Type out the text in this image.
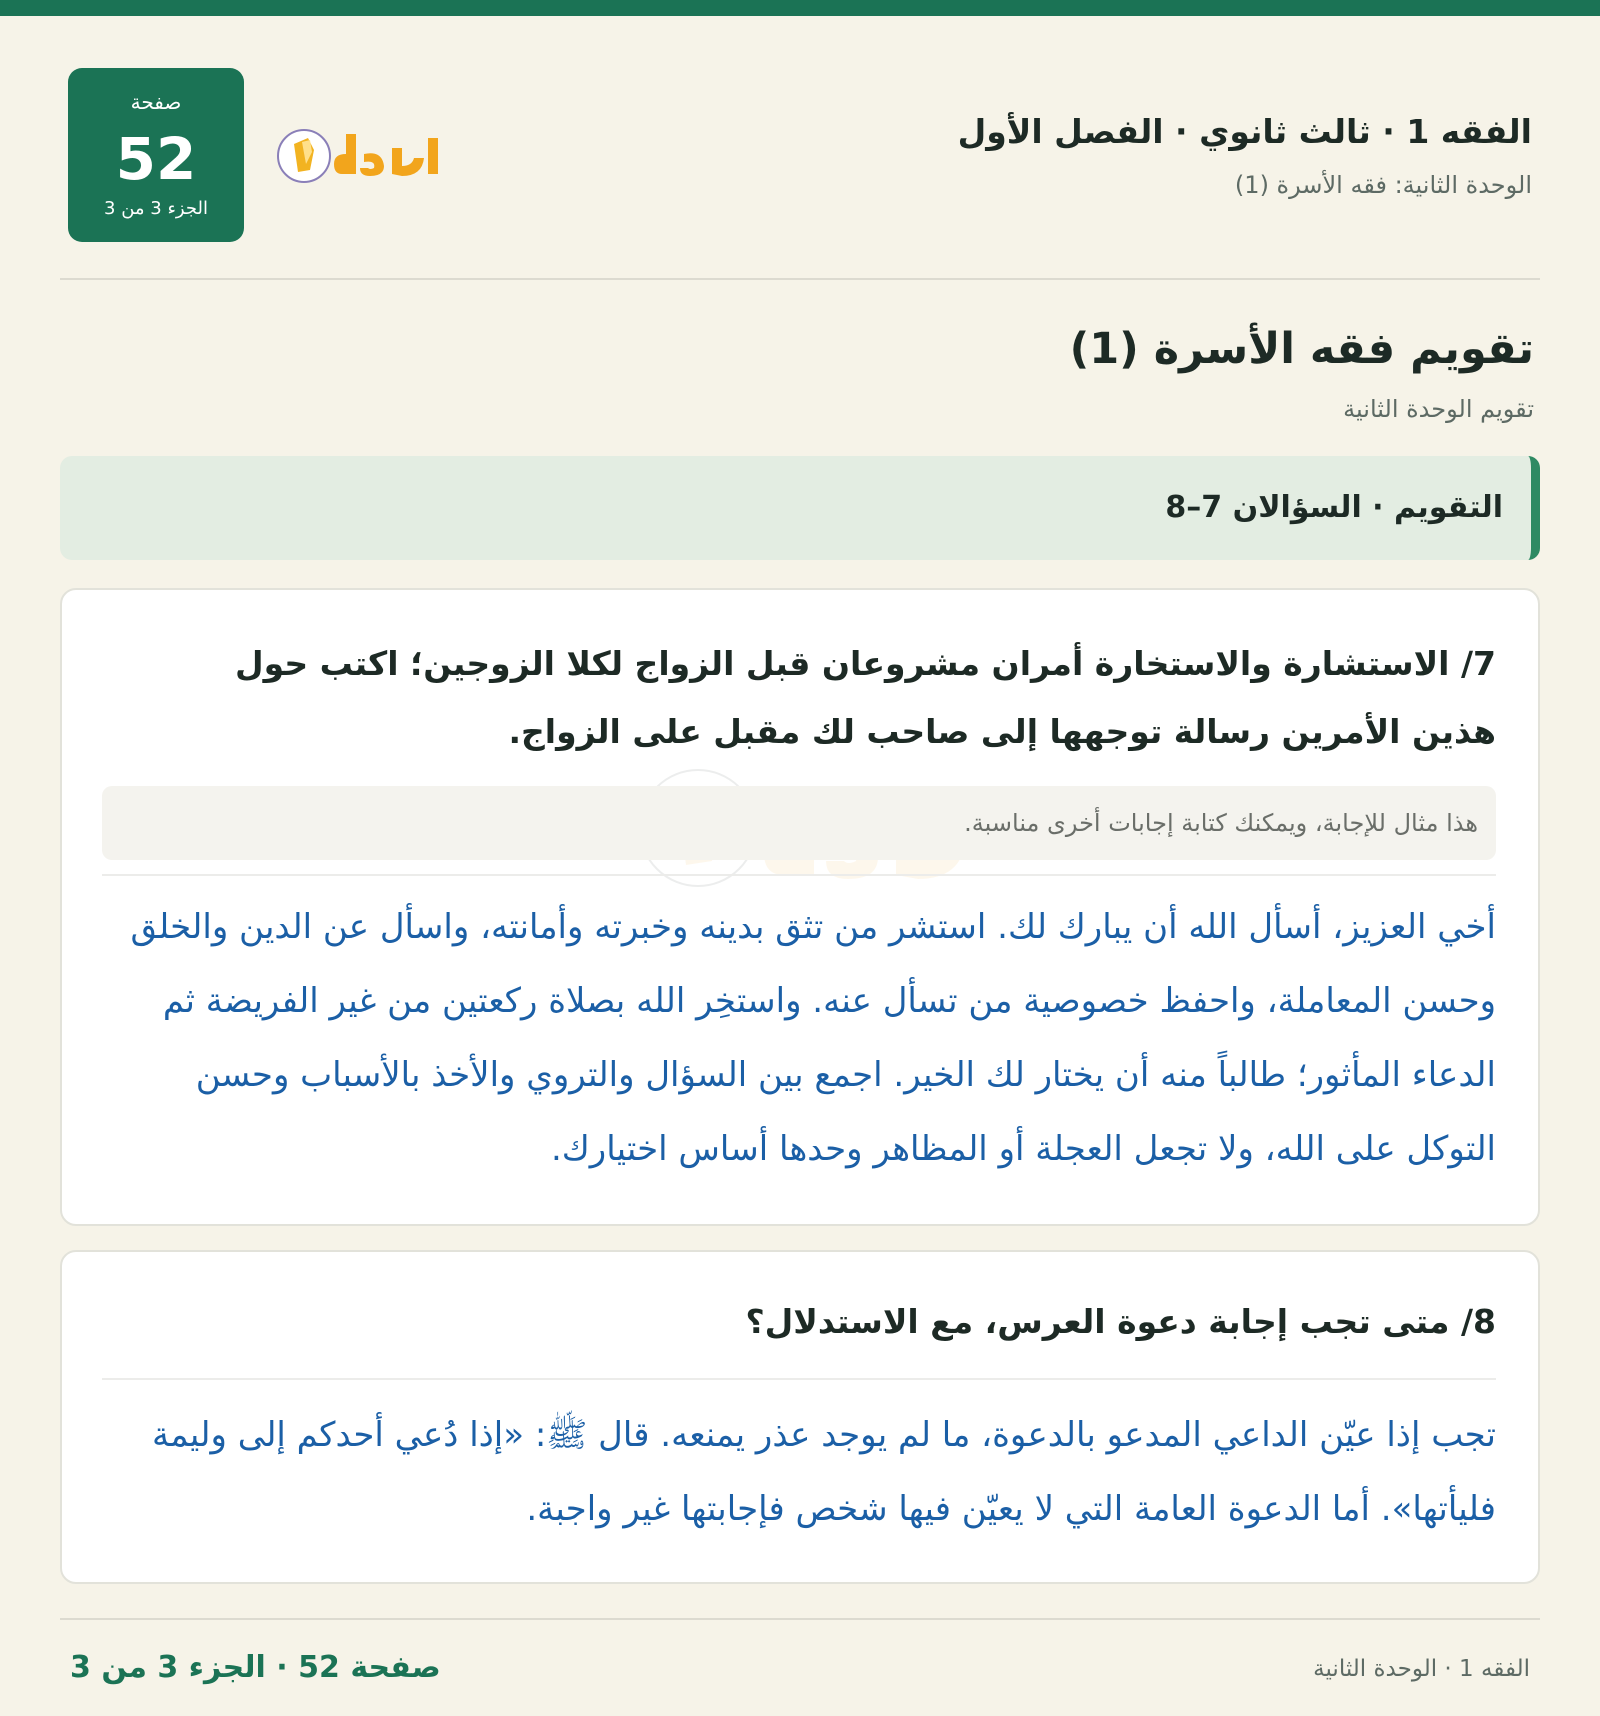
صفحة
52
الجزء 3 من 3
الفقه 1 · ثالث ثانوي · الفصل الأول
الوحدة الثانية: فقه الأسرة (1)
تقويم فقه الأسرة (1)
تقويم الوحدة الثانية
التقويم · السؤالان 7–8
7/ الاستشارة والاستخارة أمران مشروعان قبل الزواج لكلا الزوجين؛ اكتب حول هذين الأمرين رسالة توجهها إلى صاحب لك مقبل على الزواج.
هذا مثال للإجابة، ويمكنك كتابة إجابات أخرى مناسبة.
أخي العزيز، أسأل الله أن يبارك لك. استشر من تثق بدينه وخبرته وأمانته، واسأل عن الدين والخلق وحسن المعاملة، واحفظ خصوصية من تسأل عنه. واستخِر الله بصلاة ركعتين من غير الفريضة ثم الدعاء المأثور؛ طالباً منه أن يختار لك الخير. اجمع بين السؤال والتروي والأخذ بالأسباب وحسن التوكل على الله، ولا تجعل العجلة أو المظاهر وحدها أساس اختيارك.
8/ متى تجب إجابة دعوة العرس، مع الاستدلال؟
تجب إذا عيّن الداعي المدعو بالدعوة، ما لم يوجد عذر يمنعه. قال ﷺ: «إذا دُعي أحدكم إلى وليمة فليأتها». أما الدعوة العامة التي لا يعيّن فيها شخص فإجابتها غير واجبة.
صفحة 52 · الجزء 3 من 3	الفقه 1 · الوحدة الثانية
